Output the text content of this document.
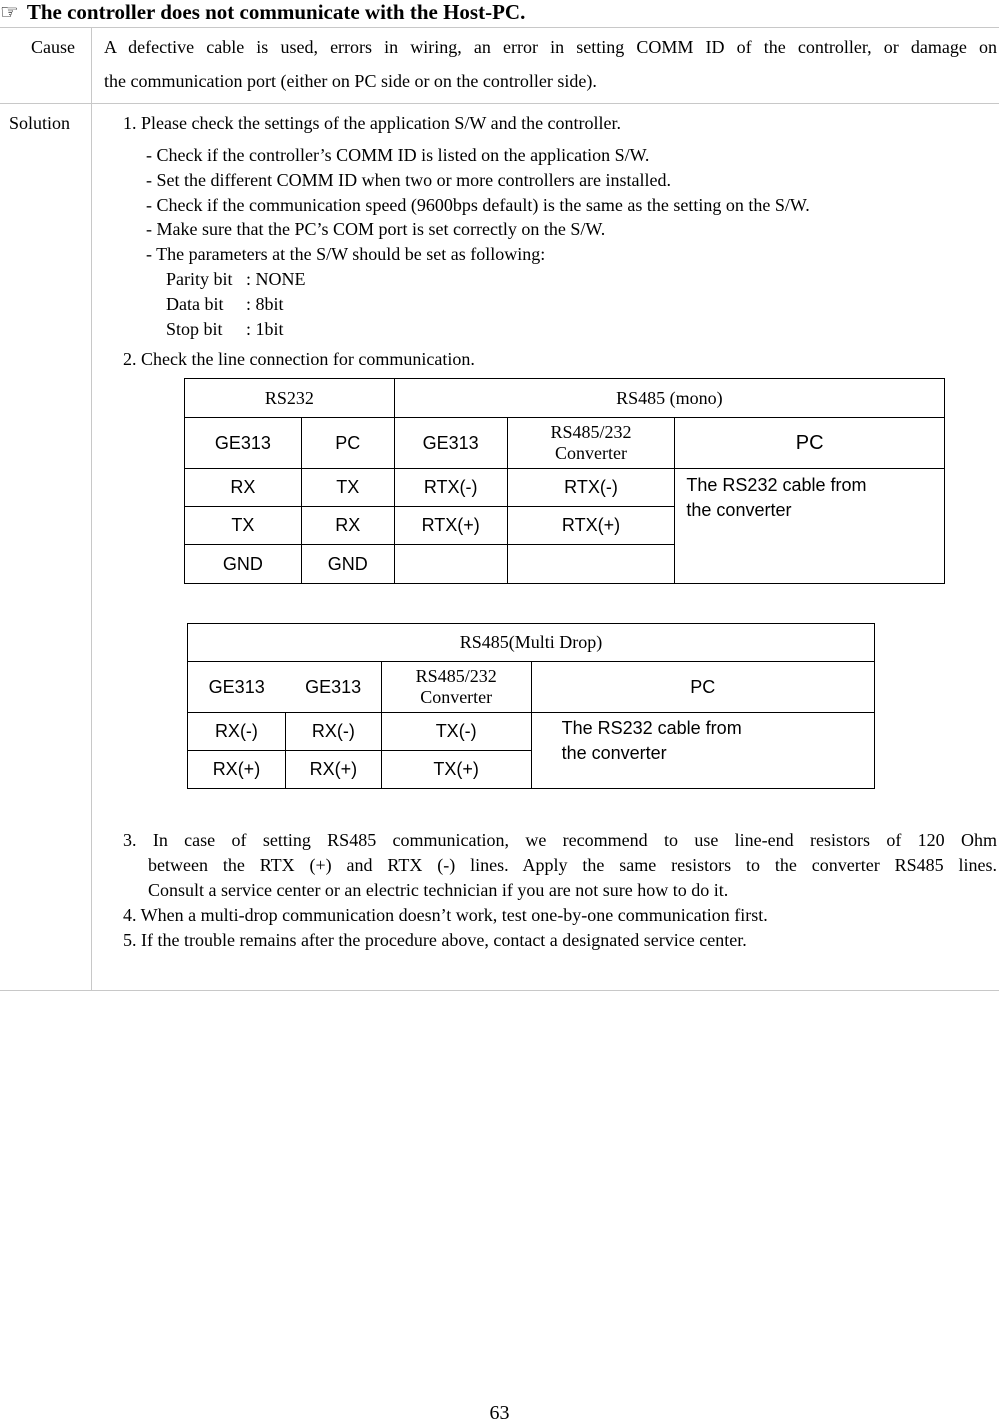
☞ The controller does not communicate with the Host-PC.
Cause A defective cable is used, errors in wiring, an error in setting COMM ID of the controller, or damage on
the communication port (either on PC side or on the controller side).
Solution	1. Please check the settings of the application S/W and the controller.
- Check if the controller’s COMM ID is listed on the application S/W.
- Set the different COMM ID when two or more controllers are installed.
- Check if the communication speed (9600bps default) is the same as the setting on the S/W.
- Make sure that the PC’s COM port is set correctly on the S/W.
- The parameters at the S/W should be set as following:
Parity bit : NONE
Data bit : 8bit
Stop bit : 1bit
2. Check the line connection for communication.
RS232		RS485 (mono)		
GE313	PC	GE313	RS485/232
Converter	PC
RX	TX	RTX(-)	RTX(-)	The RS232 cable from
the converter

TX	RX	RTX(+)	RTX(+)	
GND	GND			
RS485(Multi Drop)			
GE313	GE313	RS485/232
Converter	PC
RX(-)	RX(-)	TX(-)	The RS232 cable from
the converter

RX(+)	RX(+)	TX(+)	
3. In case of setting RS485 communication, we recommend to use line-end resistors of 120 Ohm
between the RTX (+) and RTX (-) lines. Apply the same resistors to the converter RS485 lines.
Consult a service center or an electric technician if you are not sure how to do it.
4. When a multi-drop communication doesn’t work, test one-by-one communication first.
5. If the trouble remains after the procedure above, contact a designated service center.
63
